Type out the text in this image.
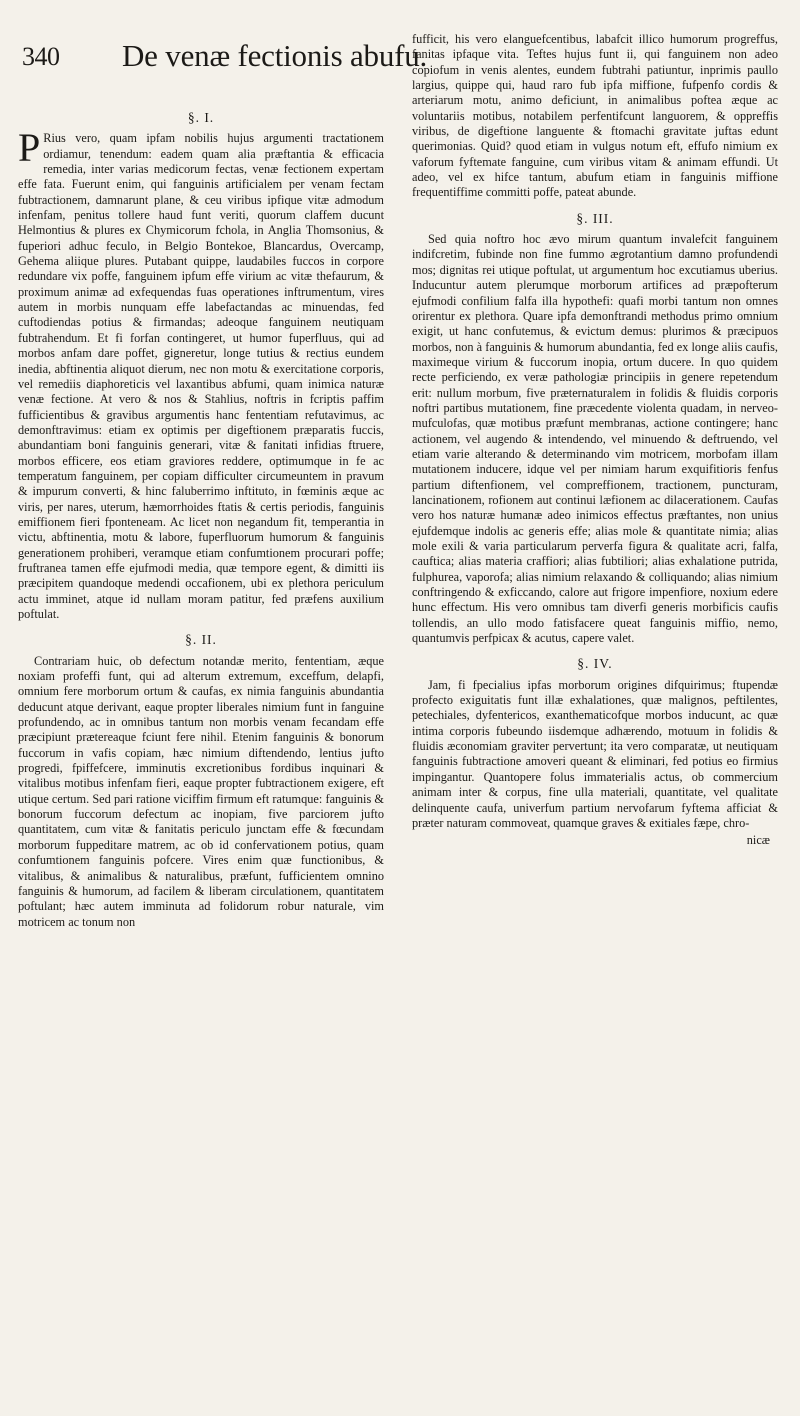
340 De venæ fectionis abufu.
§. I.

P Rius vero, quam ipfam nobilis hujus argumenti tractationem ordiamur, tenendum: eadem quam alia præftantia & efficacia remedia, inter varias medicorum fectas, venæ fectionem expertam effe fata. Fuerunt enim, qui fanguinis artificialem per venam fectam fubtractionem, damnarunt plane, & ceu viribus ipfique vitæ admodum infenfam, penitus tollere haud funt veriti, quorum claffem ducunt Helmontius & plures ex Chymicorum fchola, in Anglia Thomsonius, & fuperiori adhuc feculo, in Belgio Bontekoe, Blancardus, Overcamp, Gehema aliique plures. Putabant quippe, laudabiles fuccos in corpore redundare vix poffe, fanguinem ipfum effe virium ac vitæ thefaurum, & proximum animæ ad exfequendas fuas operationes inftrumentum, vires autem in morbis nunquam effe labefactandas ac minuendas, fed cuftodiendas potius & firmandas; adeoque fanguinem neutiquam fubtrahendum. Et fi forfan contingeret, ut humor fuperfluus, qui ad morbos anfam dare poffet, gigneretur, longe tutius & rectius eundem inedia, abftinentia aliquot dierum, nec non motu & exercitatione corporis, vel remediis diaphoreticis vel laxantibus abfumi, quam inimica naturæ venæ fectione. At vero & nos & Stahlius, noftris in fcriptis paffim fufficientibus & gravibus argumentis hanc fententiam refutavimus, ac demonftravimus: etiam ex optimis per digeftionem præparatis fuccis, abundantiam boni fanguinis generari, vitæ & fanitati infidias ftruere, morbos efficere, eos etiam graviores reddere, optimumque in fe ac temperatum fanguinem, per copiam difficulter circumeuntem in pravum & impurum converti, & hinc faluberrimo inftituto, in fœminis æque ac viris, per nares, uterum, hæmorrhoides ftatis & certis periodis, fanguinis emiffionem fieri fponteneam. Ac licet non negandum fit, temperantia in victu, abftinentia, motu & labore, fuperfluorum humorum & fanguinis generationem prohiberi, veramque etiam confumtionem procurari poffe; fruftranea tamen effe ejufmodi media, quæ tempore egent, & dimitti iis præcipitem quandoque medendi occafionem, ubi ex plethora periculum actu imminet, atque id nullam moram patitur, fed præfens auxilium poftulat.

§. II.

Contrariam huic, ob defectum notandæ merito, fententiam, æque noxiam profeffi funt, qui ad alterum extremum, exceffum, delapfi, omnium fere morborum ortum & caufas, ex nimia fanguinis abundantia deducunt atque derivant, eaque propter liberales nimium funt in fanguine profundendo, ac in omnibus tantum non morbis venam fecandam effe præcipiunt prætereaque fciunt fere nihil. Etenim fanguinis & bonorum fuccorum in vafis copiam, hæc nimium diftendendo, lentius jufto progredi, fpiffefcere, imminutis excretionibus fordibus inquinari & vitalibus motibus infenfam fieri, eaque propter fubtractionem exigere, eft utique certum. Sed pari ratione viciffim firmum eft ratumque: fanguinis & bonorum fuccorum defectum ac inopiam, five parciorem jufto quantitatem, cum vitæ & fanitatis periculo junctam effe & fœcundam morborum fuppeditare matrem, ac ob id confervationem potius, quam confumtionem fanguinis pofcere. Vires enim quæ functionibus, & vitalibus, & animalibus & naturalibus, præfunt, fufficientem omnino fanguinis & humorum, ad facilem & liberam circulationem, quantitatem poftulant; hæc autem imminuta ad folidorum robur naturale, vim motricem ac tonum non

fufficit, his vero elanguefcentibus, labafcit illico humorum progreffus, fanitas ipfaque vita. Teftes hujus funt ii, qui fanguinem non adeo copiofum in venis alentes, eundem fubtrahi patiuntur, inprimis paullo largius, quippe qui, haud raro fub ipfa miffione, fufpenfo cordis & arteriarum motu, animo deficiunt, in animalibus poftea æque ac voluntariis motibus, notabilem perfentifcunt languorem, & oppreffis viribus, de digeftione languente & ftomachi gravitate juftas edunt querimonias. Quid? quod etiam in vulgus notum eft, effufo nimium ex vaforum fyftemate fanguine, cum viribus vitam & animam effundi. Ut adeo, vel ex hifce tantum, abufum etiam in fanguinis miffione frequentiffime committi poffe, pateat abunde.

§. III.

Sed quia noftro hoc ævo mirum quantum invalefcit fanguinem indifcretim, fubinde non fine fummo ægrotantium damno profundendi mos; dignitas rei utique poftulat, ut argumentum hoc excutiamus uberius. Inducuntur autem plerumque morborum artifices ad præpofterum ejufmodi confilium falfa illa hypothefi: quafi morbi tantum non omnes orirentur ex plethora. Quare ipfa demonftrandi methodus primo omnium exigit, ut hanc confutemus, & evictum demus: plurimos & præcipuos morbos, non à fanguinis & humorum abundantia, fed ex longe aliis caufis, maximeque virium & fuccorum inopia, ortum ducere. In quo quidem recte perficiendo, ex veræ pathologiæ principiis in genere repetendum erit: nullum morbum, five præternaturalem in folidis & fluidis corporis noftri partibus mutationem, fine præcedente violenta quadam, in nerveo-mufculofas, quæ motibus præfunt membranas, actione contingere; hanc actionem, vel augendo & intendendo, vel minuendo & deftruendo, vel etiam varie alterando & determinando vim motricem, morbofam illam mutationem inducere, idque vel per nimiam harum exquifitioris fenfus partium diftenfionem, vel compreffionem, tractionem, puncturam, lancinationem, rofionem aut continui læfionem ac dilacerationem. Caufas vero hos naturæ humanæ adeo inimicos effectus præftantes, non unius ejufdemque indolis ac generis effe; alias mole & quantitate nimia; alias mole exili & varia particularum perverfa figura & qualitate acri, falfa, cauftica; alias materia craffiori; alias fubtiliori; alias exhalatione putrida, fulphurea, vaporofa; alias nimium relaxando & colliquando; alias nimium conftringendo & exficcando, calore aut frigore impenfiore, noxium edere hunc effectum. His vero omnibus tam diverfi generis morbificis caufis tollendis, an ullo modo fatisfacere queat fanguinis miffio, nemo, quantumvis perfpicax & acutus, capere valet.

§. IV.

Jam, fi fpecialius ipfas morborum origines difquirimus; ftupendæ profecto exiguitatis funt illæ exhalationes, quæ malignos, peftilentes, petechiales, dyfentericos, exanthematicofque morbos inducunt, ac quæ intima corporis fubeundo iisdemque adhærendo, motuum in folidis & fluidis æconomiam graviter pervertunt; ita vero comparatæ, ut neutiquam fanguinis fubtractione amoveri queant & eliminari, fed potius eo firmius impingantur. Quantopere folus immaterialis actus, ob commercium animam inter & corpus, fine ulla materiali, quantitate, vel qualitate delinquente caufa, univerfum partium nervofarum fyftema afficiat & præter naturam commoveat, quamque graves & exitiales fæpe, chro-

nicæ
